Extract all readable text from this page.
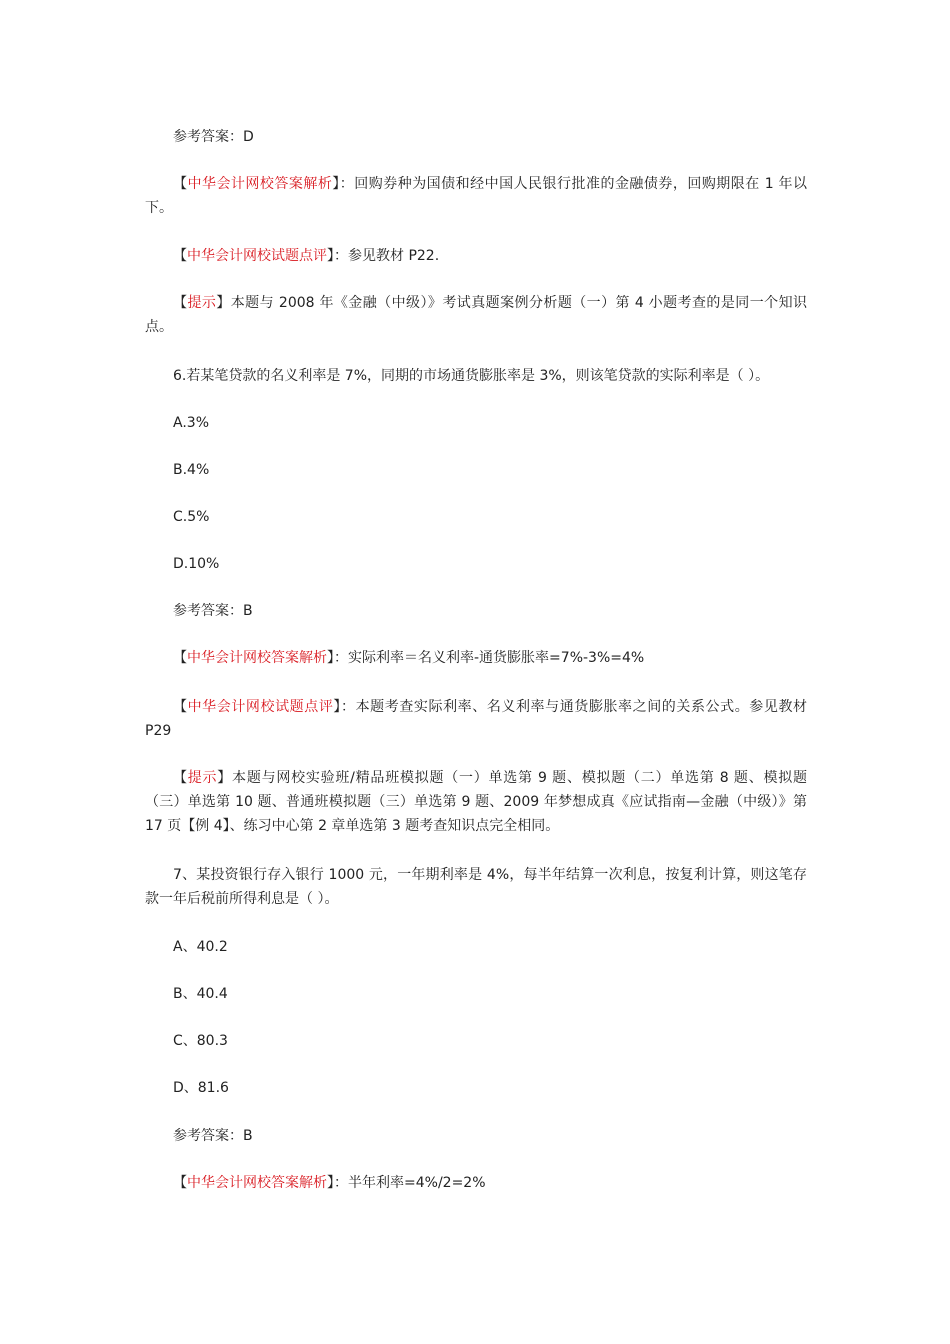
参考答案：D

【中华会计网校答案解析】：回购券种为国债和经中国人民银行批准的金融债券，回购期限在 1 年以下。

【中华会计网校试题点评】：参见教材 P22.

【提示】本题与 2008 年《金融（中级）》考试真题案例分析题（一）第 4 小题考查的是同一个知识点。

6.若某笔贷款的名义利率是 7%，同期的市场通货膨胀率是 3%，则该笔贷款的实际利率是（ ）。

A.3%

B.4%

C.5%

D.10%

参考答案：B

【中华会计网校答案解析】：实际利率＝名义利率-通货膨胀率=7%-3%=4%

【中华会计网校试题点评】：本题考查实际利率、名义利率与通货膨胀率之间的关系公式。参见教材 P29

【提示】本题与网校实验班/精品班模拟题（一）单选第 9 题、模拟题（二）单选第 8 题、模拟题（三）单选第 10 题、普通班模拟题（三）单选第 9 题、2009 年梦想成真《应试指南—金融（中级）》第 17 页【例 4】、练习中心第 2 章单选第 3 题考查知识点完全相同。

7、某投资银行存入银行 1000 元，一年期利率是 4%，每半年结算一次利息，按复利计算，则这笔存款一年后税前所得利息是（ ）。

A、40.2

B、40.4

C、80.3

D、81.6

参考答案：B

【中华会计网校答案解析】：半年利率=4%/2=2%
